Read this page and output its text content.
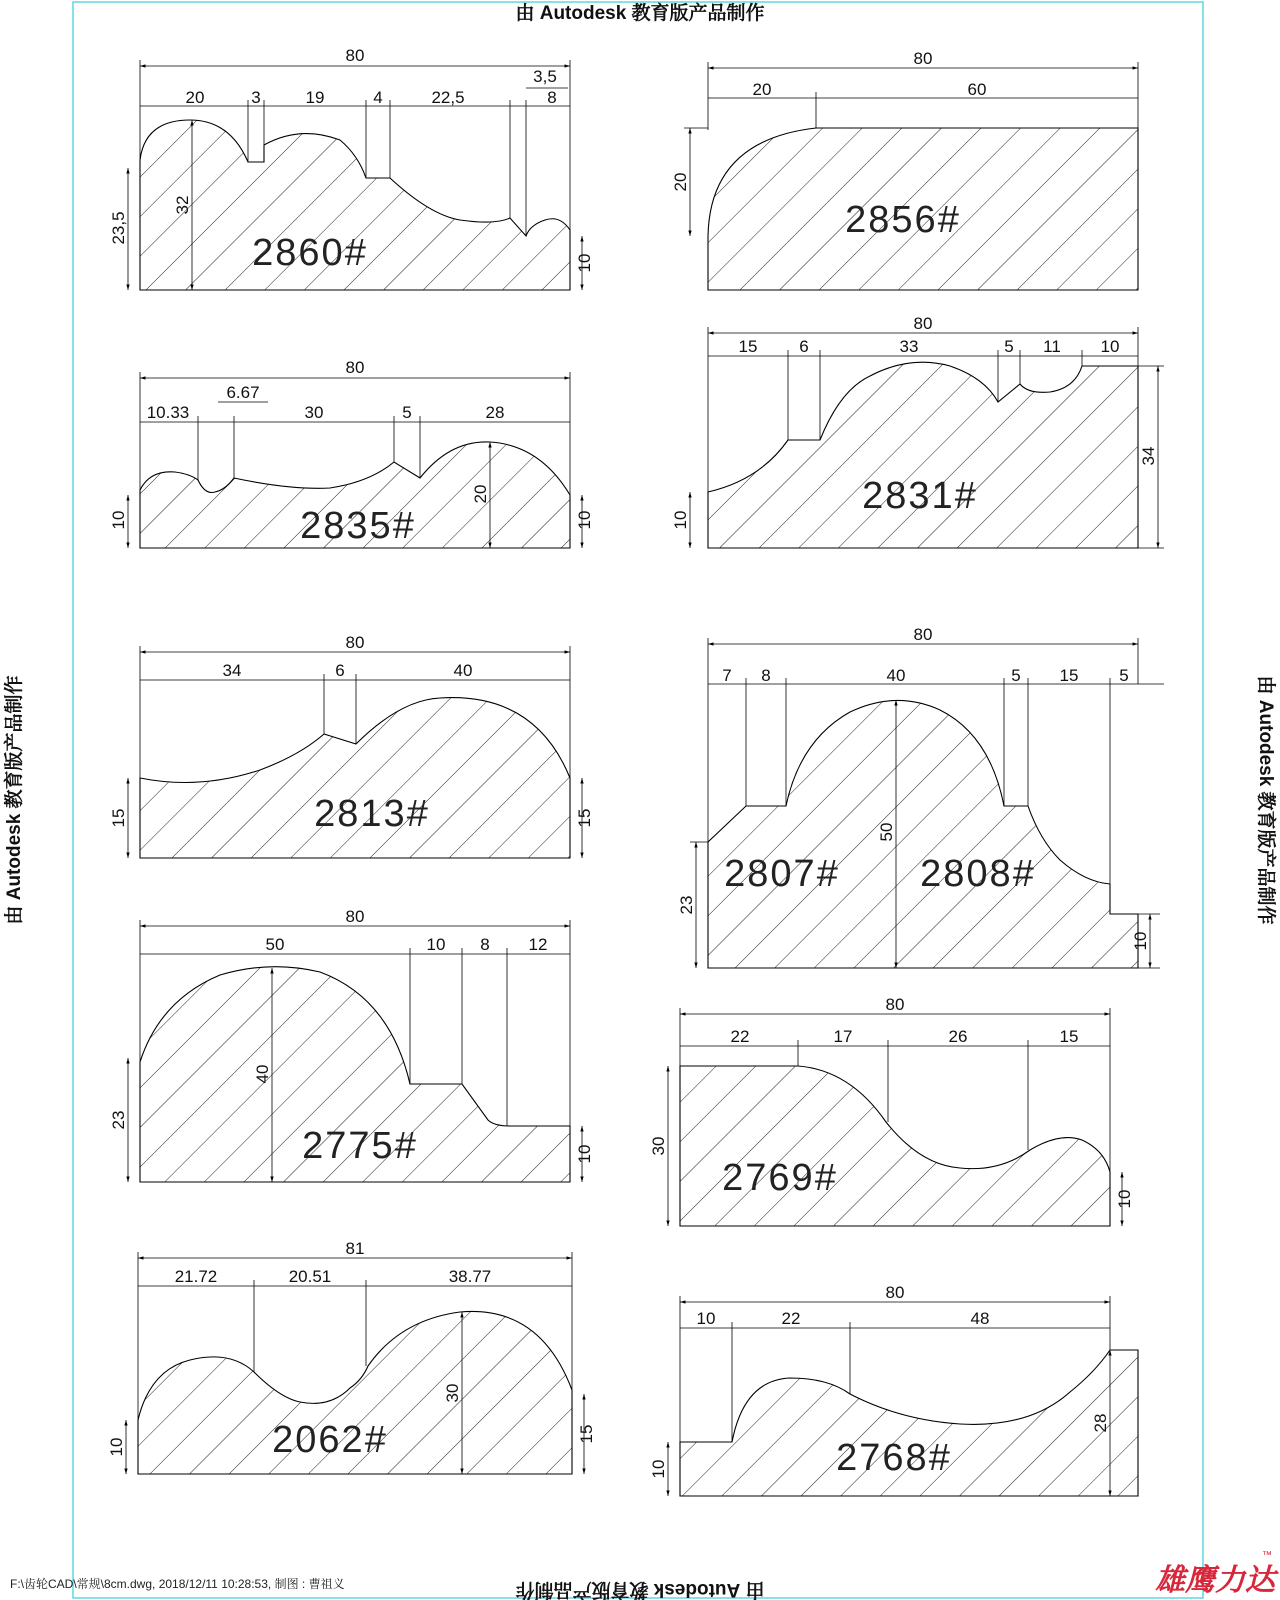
由 Autodesk 教育版产品制作
由 Autodesk 教育版产品制作
由 Autodesk 教育版产品制作	由 Autodesk 教育版产品制作
F:\齿轮CAD\常规\8cm.dwg, 2018/12/11 10:28:53, 制图 : 曹祖义	雄鹰力达
™
80
20	3	19	4	22,5
3,5
8
23,5
32
10
2860#
80
20	60
20
2856#
80
10.33
6.67
30	5	28
10
20
10
2835#
80
15 6	33	5 11 10
10
34
2831#
80
34	6	40
15	15
2813#
80
7 8	40	5 15 5
23
50
10
2807# 2808#
80
50	10 8 12
23
40
10
2775#
80
22	17	26	15
30
10
2769#
81
21.72	20.51	38.77
10
30
15
2062#
80
10	22	48
10
28
2768#
